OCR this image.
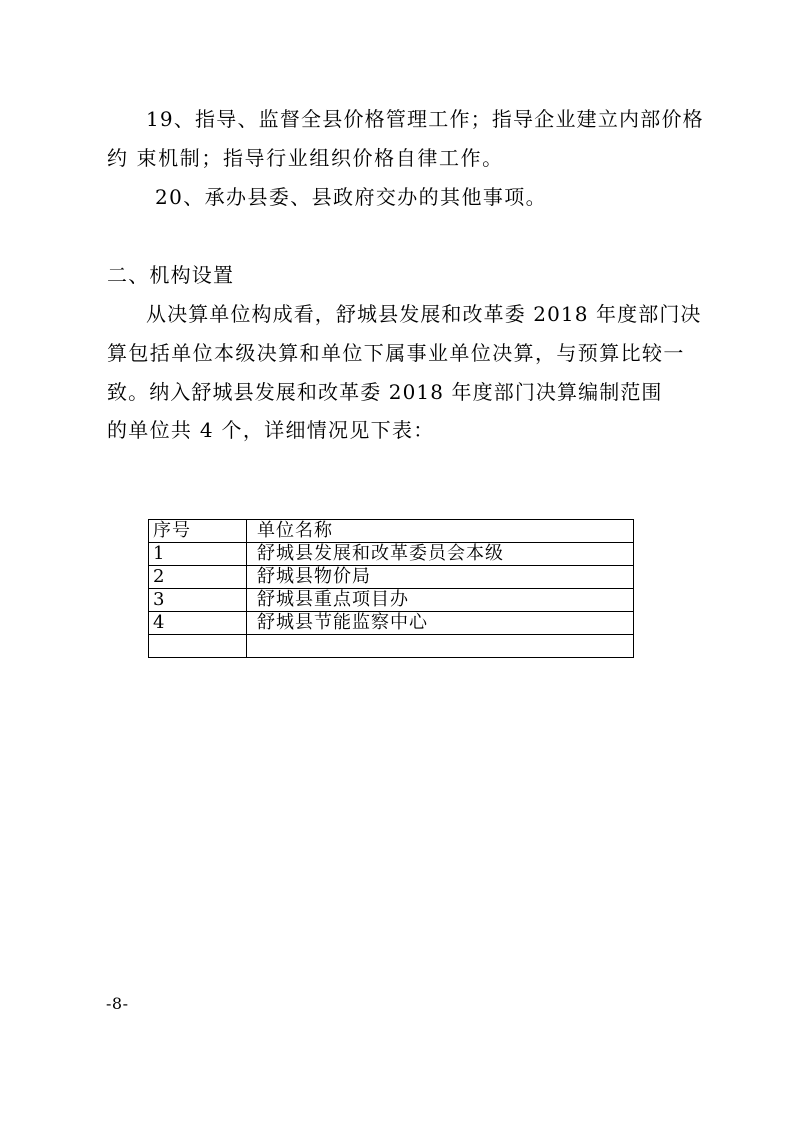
19、指导、监督全县价格管理工作；指导企业建立内部价格
约 束机制；指导行业组织价格自律工作。
20、承办县委、县政府交办的其他事项。
二、机构设置
从决算单位构成看，舒城县发展和改革委 2018 年度部门决
算包括单位本级决算和单位下属事业单位决算，与预算比较一
致。纳入舒城县发展和改革委 2018 年度部门决算编制范围
的单位共 4 个，详细情况见下表：
序号	单位名称
1	舒城县发展和改革委员会本级
2	舒城县物价局
3	舒城县重点项目办
4	舒城县节能监察中心

-8-
